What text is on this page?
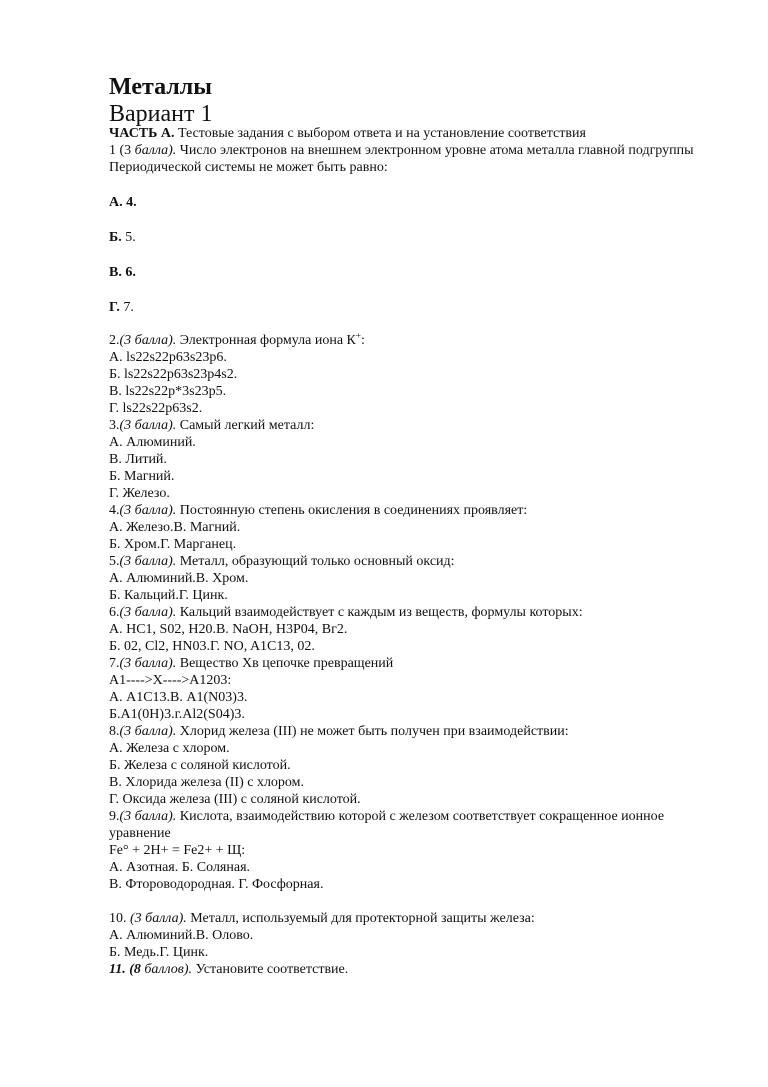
Металлы
Вариант 1

ЧАСТЬ А. Тестовые задания с выбором ответа и на установление соответствия

1 (3 балла). Число электронов на внешнем электронном уровне атома металла главной подгруппы Периодической системы не может быть равно:

А. 4.

Б. 5.

В. 6.

Г. 7.

2.(3 балла). Электронная формула иона К+:

А. ls22s22p63s23p6.

Б. ls22s22p63s23p4s2.

В. ls22s22p*3s23p5.

Г. ls22s22p63s2.

3.(3 балла). Самый легкий металл:

А. Алюминий.

В. Литий.

Б. Магний.

Г. Железо.

4.(3 балла). Постоянную степень окисления в соединениях проявляет:

А. Железо.В. Магний.

Б. Хром.Г. Марганец.

5.(3 балла). Металл, образующий только основный оксид:

А. Алюминий.В. Хром.

Б. Кальций.Г. Цинк.

6.(3 балла). Кальций взаимодействует с каждым из веществ, формулы которых:

А. НС1, S02, Н20.В. NaOH, Н3Р04, Вг2.

Б. 02, Cl2, HN03.Г. NO, A1C13, 02.

7.(3 балла). Вещество Хв цепочке превращений

A1---->X---->A1203:

А. A1C13.В. A1(N03)3.

Б.A1(0H)3.г.Al2(S04)3.

8.(3 балла). Хлорид железа (III) не может быть получен при взаимодействии:

А. Железа с хлором.

Б. Железа с соляной кислотой.

В. Хлорида железа (II) с хлором.

Г. Оксида железа (III) с соляной кислотой.

9.(3 балла). Кислота, взаимодействию которой с железом соответствует сокращенное ионное уравнение

Fe° + 2H+ = Fe2+ + Щ:

А. Азотная. Б. Соляная.

В. Фтороводородная. Г. Фосфорная.

10. (3 балла). Металл, используемый для протекторной защиты железа:

А. Алюминий.В. Олово.

Б. Медь.Г. Цинк.

11. (8 баллов). Установите соответствие.
